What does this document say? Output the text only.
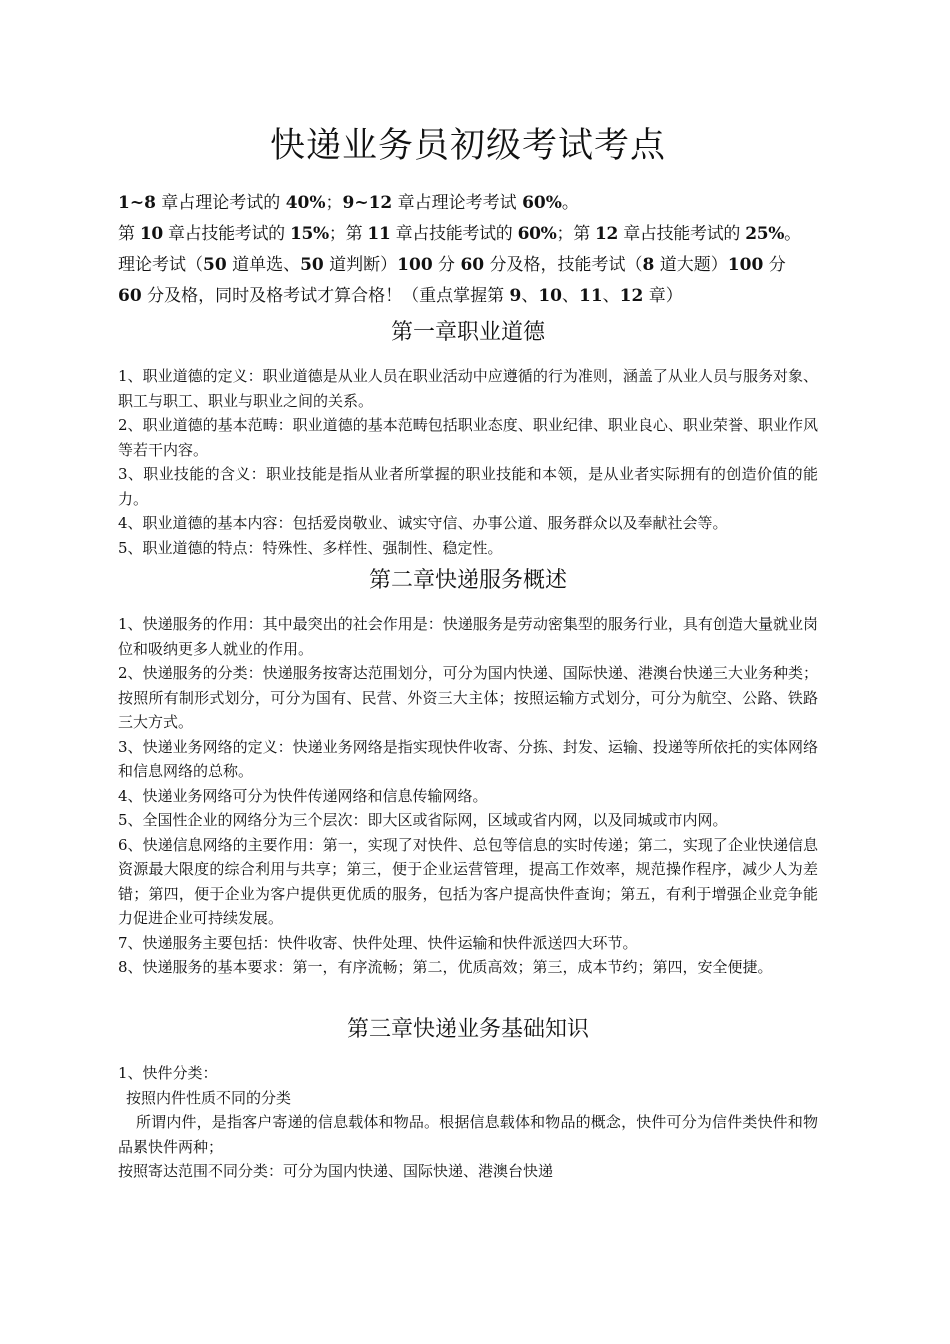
快递业务员初级考试考点

1~8 章占理论考试的 40%；9~12 章占理论考考试 60%。

第 10 章占技能考试的 15%；第 11 章占技能考试的 60%；第 12 章占技能考试的 25%。

理论考试（50 道单选、50 道判断）100 分 60 分及格，技能考试（8 道大题）100 分

60 分及格，同时及格考试才算合格！（重点掌握第 9、10、11、12 章）

第一章职业道德

1、职业道德的定义：职业道德是从业人员在职业活动中应遵循的行为准则，涵盖了从业人员与服务对象、职工与职工、职业与职业之间的关系。

2、职业道德的基本范畴：职业道德的基本范畴包括职业态度、职业纪律、职业良心、职业荣誉、职业作风等若干内容。

3、职业技能的含义：职业技能是指从业者所掌握的职业技能和本领，是从业者实际拥有的创造价值的能力。

4、职业道德的基本内容：包括爱岗敬业、诚实守信、办事公道、服务群众以及奉献社会等。

5、职业道德的特点：特殊性、多样性、强制性、稳定性。

第二章快递服务概述

1、快递服务的作用：其中最突出的社会作用是：快递服务是劳动密集型的服务行业，具有创造大量就业岗位和吸纳更多人就业的作用。

2、快递服务的分类：快递服务按寄达范围划分，可分为国内快递、国际快递、港澳台快递三大业务种类；按照所有制形式划分，可分为国有、民营、外资三大主体；按照运输方式划分，可分为航空、公路、铁路三大方式。

3、快递业务网络的定义：快递业务网络是指实现快件收寄、分拣、封发、运输、投递等所依托的实体网络和信息网络的总称。

4、快递业务网络可分为快件传递网络和信息传输网络。

5、全国性企业的网络分为三个层次：即大区或省际网，区域或省内网，以及同城或市内网。

6、快递信息网络的主要作用：第一，实现了对快件、总包等信息的实时传递；第二，实现了企业快递信息资源最大限度的综合利用与共享；第三，便于企业运营管理，提高工作效率，规范操作程序，减少人为差错；第四，便于企业为客户提供更优质的服务，包括为客户提高快件查询；第五，有利于增强企业竞争能力促进企业可持续发展。

7、快递服务主要包括：快件收寄、快件处理、快件运输和快件派送四大环节。

8、快递服务的基本要求：第一，有序流畅；第二，优质高效；第三，成本节约；第四，安全便捷。

第三章快递业务基础知识

1、快件分类：

按照内件性质不同的分类

所谓内件，是指客户寄递的信息载体和物品。根据信息载体和物品的概念，快件可分为信件类快件和物品累快件两种；

按照寄达范围不同分类：可分为国内快递、国际快递、港澳台快递
